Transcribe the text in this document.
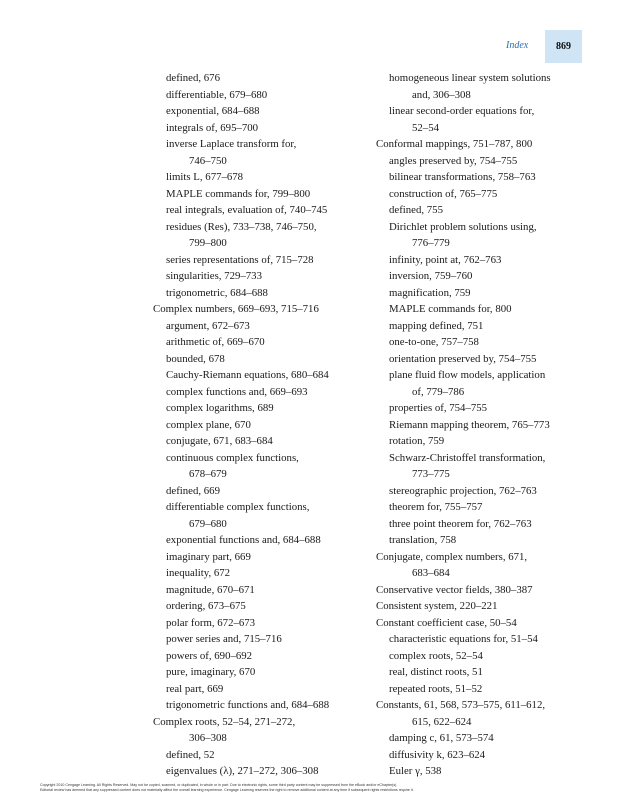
Index	869
defined, 676
differentiable, 679–680
exponential, 684–688
integrals of, 695–700
inverse Laplace transform for,
746–750
limits L, 677–678
MAPLE commands for, 799–800
real integrals, evaluation of, 740–745
residues (Res), 733–738, 746–750,
799–800
series representations of, 715–728
singularities, 729–733
trigonometric, 684–688
Complex numbers, 669–693, 715–716
argument, 672–673
arithmetic of, 669–670
bounded, 678
Cauchy-Riemann equations, 680–684
complex functions and, 669–693
complex logarithms, 689
complex plane, 670
conjugate, 671, 683–684
continuous complex functions,
678–679
defined, 669
differentiable complex functions,
679–680
exponential functions and, 684–688
imaginary part, 669
inequality, 672
magnitude, 670–671
ordering, 673–675
polar form, 672–673
power series and, 715–716
powers of, 690–692
pure, imaginary, 670
real part, 669
trigonometric functions and, 684–688
Complex roots, 52–54, 271–272,
306–308
defined, 52
eigenvalues (λ), 271–272, 306–308
homogeneous linear system solutions
and, 306–308
linear second-order equations for,
52–54
Conformal mappings, 751–787, 800
angles preserved by, 754–755
bilinear transformations, 758–763
construction of, 765–775
defined, 755
Dirichlet problem solutions using,
776–779
infinity, point at, 762–763
inversion, 759–760
magnification, 759
MAPLE commands for, 800
mapping defined, 751
one-to-one, 757–758
orientation preserved by, 754–755
plane fluid flow models, application
of, 779–786
properties of, 754–755
Riemann mapping theorem, 765–773
rotation, 759
Schwarz-Christoffel transformation,
773–775
stereographic projection, 762–763
theorem for, 755–757
three point theorem for, 762–763
translation, 758
Conjugate, complex numbers, 671,
683–684
Conservative vector fields, 380–387
Consistent system, 220–221
Constant coefficient case, 50–54
characteristic equations for, 51–54
complex roots, 52–54
real, distinct roots, 51
repeated roots, 51–52
Constants, 61, 568, 573–575, 611–612,
615, 622–624
damping c, 61, 573–574
diffusivity k, 623–624
Euler γ, 538
Copyright 2010 Cengage Learning. All Rights Reserved. May not be copied, scanned, or duplicated, in whole or in part. Due to electronic rights, some third party content may be suppressed from the eBook and/or eChapter(s).
Editorial review has deemed that any suppressed content does not materially affect the overall learning experience. Cengage Learning reserves the right to remove additional content at any time if subsequent rights restrictions require it.
